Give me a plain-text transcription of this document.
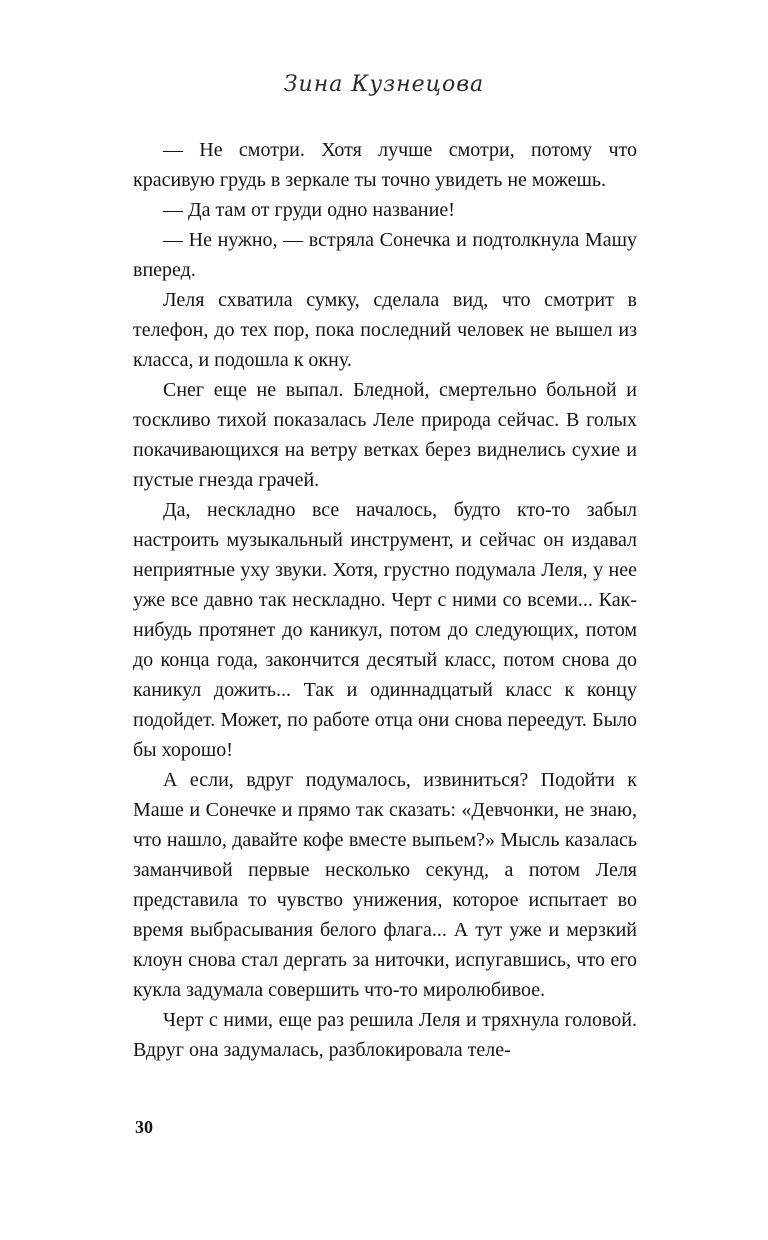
Зина Кузнецова

— Не смотри. Хотя лучше смотри, потому что красивую грудь в зеркале ты точно увидеть не можешь.

— Да там от груди одно название!

— Не нужно, — встряла Сонечка и подтолкнула Машу вперед.

Леля схватила сумку, сделала вид, что смотрит в телефон, до тех пор, пока последний человек не вышел из класса, и подошла к окну.

Снег еще не выпал. Бледной, смертельно больной и тоскливо тихой показалась Леле природа сейчас. В голых покачивающихся на ветру ветках берез виднелись сухие и пустые гнезда грачей.

Да, нескладно все началось, будто кто-то забыл настроить музыкальный инструмент, и сейчас он издавал неприятные уху звуки. Хотя, грустно подумала Леля, у нее уже все давно так нескладно. Черт с ними со всеми... Как-нибудь протянет до каникул, потом до следующих, потом до конца года, закончится десятый класс, потом снова до каникул дожить... Так и одиннадцатый класс к концу подойдет. Может, по работе отца они снова переедут. Было бы хорошо!

А если, вдруг подумалось, извиниться? Подойти к Маше и Сонечке и прямо так сказать: «Девчонки, не знаю, что нашло, давайте кофе вместе выпьем?» Мысль казалась заманчивой первые несколько секунд, а потом Леля представила то чувство унижения, которое испытает во время выбрасывания белого флага... А тут уже и мерзкий клоун снова стал дергать за ниточки, испугавшись, что его кукла задумала совершить что-то миролюбивое.

Черт с ними, еще раз решила Леля и тряхнула головой. Вдруг она задумалась, разблокировала теле-

30
